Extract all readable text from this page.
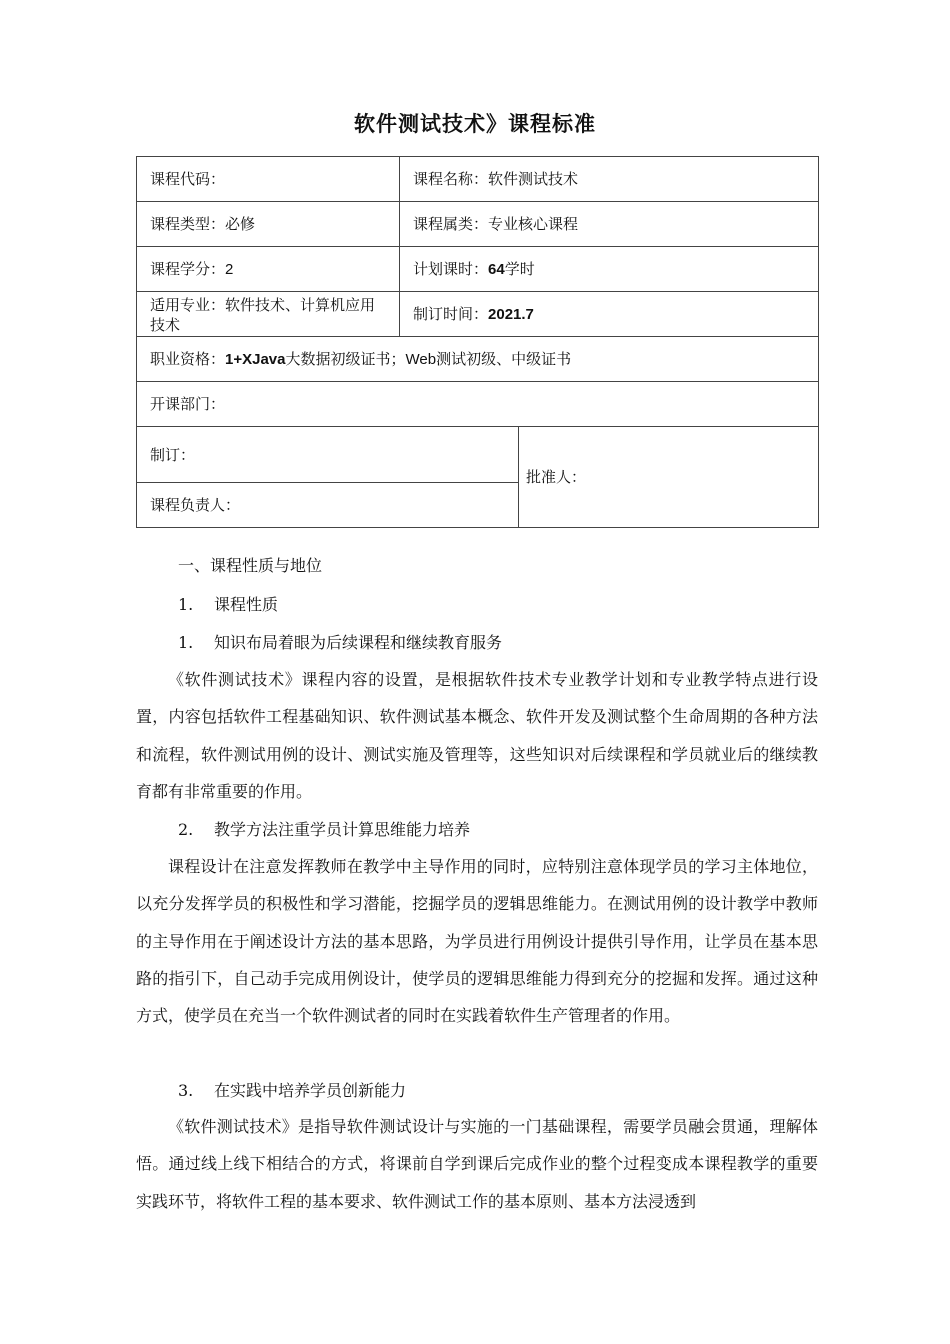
软件测试技术》课程标准
课程代码：	课程名称：软件测试技术	
课程类型：必修	课程属类：专业核心课程	
课程学分：2	计划课时：64学时	
适用专业：软件技术、计算机应用技术	制订时间：2021.7	
职业资格：1+XJava大数据初级证书；Web测试初级、中级证书		
开课部门：		
制订：		批准人：
课程负责人：		
一、课程性质与地位
1. 课程性质
1. 知识布局着眼为后续课程和继续教育服务
《软件测试技术》课程内容的设置，是根据软件技术专业教学计划和专业教学特点进行设置，内容包括软件工程基础知识、软件测试基本概念、软件开发及测试整个生命周期的各种方法和流程，软件测试用例的设计、测试实施及管理等，这些知识对后续课程和学员就业后的继续教育都有非常重要的作用。
2. 教学方法注重学员计算思维能力培养
课程设计在注意发挥教师在教学中主导作用的同时，应特别注意体现学员的学习主体地位，以充分发挥学员的积极性和学习潜能，挖掘学员的逻辑思维能力。在测试用例的设计教学中教师的主导作用在于阐述设计方法的基本思路，为学员进行用例设计提供引导作用，让学员在基本思路的指引下，自己动手完成用例设计，使学员的逻辑思维能力得到充分的挖掘和发挥。通过这种方式，使学员在充当一个软件测试者的同时在实践着软件生产管理者的作用。
3. 在实践中培养学员创新能力
《软件测试技术》是指导软件测试设计与实施的一门基础课程，需要学员融会贯通，理解体悟。通过线上线下相结合的方式，将课前自学到课后完成作业的整个过程变成本课程教学的重要实践环节，将软件工程的基本要求、软件测试工作的基本原则、基本方法浸透到
